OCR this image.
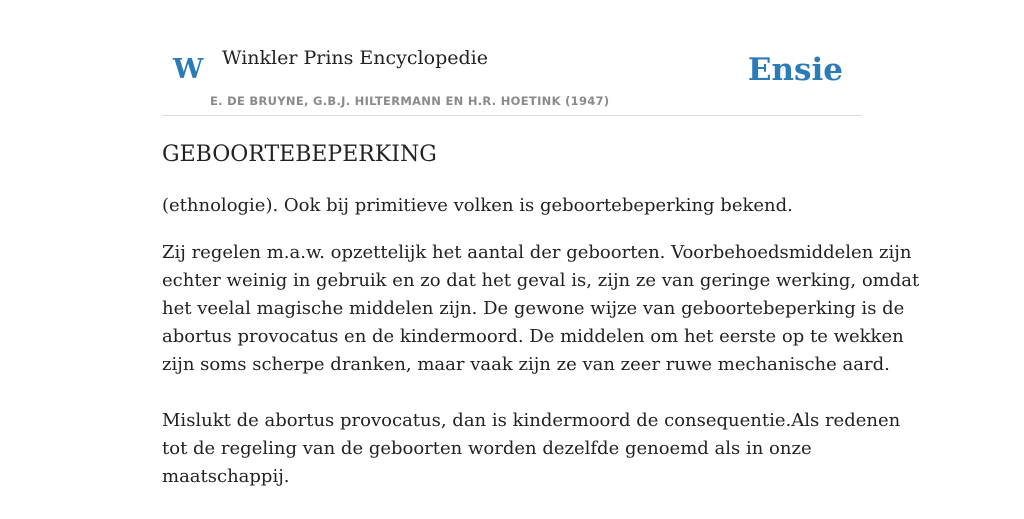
W Winkler Prins Encyclopedie
E. DE BRUYNE, G.B.J. HILTERMANN EN H.R. HOETINK (1947)
Ensie
GEBOORTEBEPERKING

(ethnologie). Ook bij primitieve volken is geboortebeperking bekend.

Zij regelen m.a.w. opzettelijk het aantal der geboorten. Voorbehoedsmiddelen zijn
echter weinig in gebruik en zo dat het geval is, zijn ze van geringe werking, omdat
het veelal magische middelen zijn. De gewone wijze van geboortebeperking is de
abortus provocatus en de kindermoord. De middelen om het eerste op te wekken
zijn soms scherpe dranken, maar vaak zijn ze van zeer ruwe mechanische aard.

Mislukt de abortus provocatus, dan is kindermoord de consequentie.Als redenen
tot de regeling van de geboorten worden dezelfde genoemd als in onze
maatschappij.
